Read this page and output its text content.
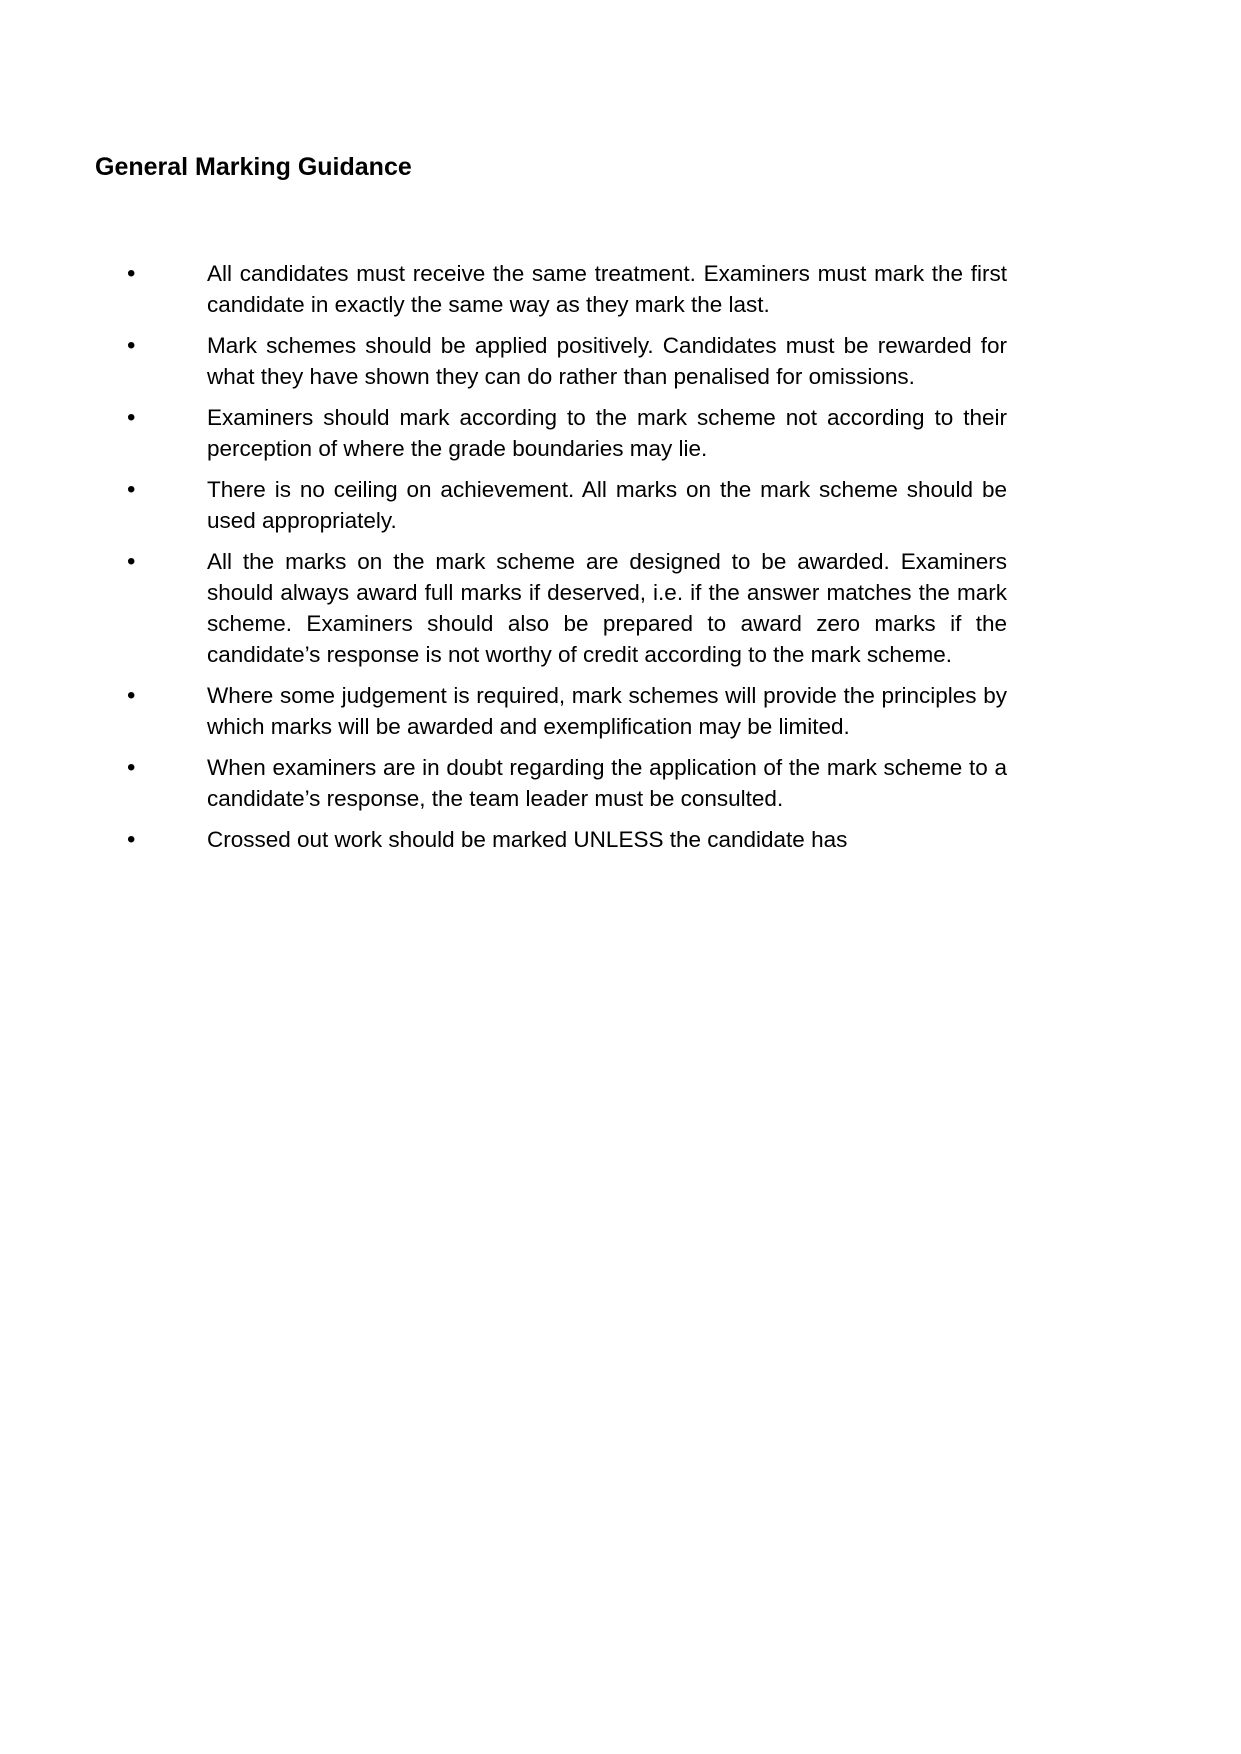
General Marking Guidance
•	All candidates must receive the same treatment. Examiners must mark the first candidate in exactly the same way as they mark the last.

•	Mark schemes should be applied positively. Candidates must be rewarded for what they have shown they can do rather than penalised for omissions.

•	Examiners should mark according to the mark scheme not according to their perception of where the grade boundaries may lie.

•	There is no ceiling on achievement. All marks on the mark scheme should be used appropriately.

•	All the marks on the mark scheme are designed to be awarded. Examiners should always award full marks if deserved, i.e. if the answer matches the mark scheme. Examiners should also be prepared to award zero marks if the candidate’s response is not worthy of credit according to the mark scheme.

•	Where some judgement is required, mark schemes will provide the principles by which marks will be awarded and exemplification may be limited.

•	When examiners are in doubt regarding the application of the mark scheme to a candidate’s response, the team leader must be consulted.

•	Crossed out work should be marked UNLESS the candidate has
